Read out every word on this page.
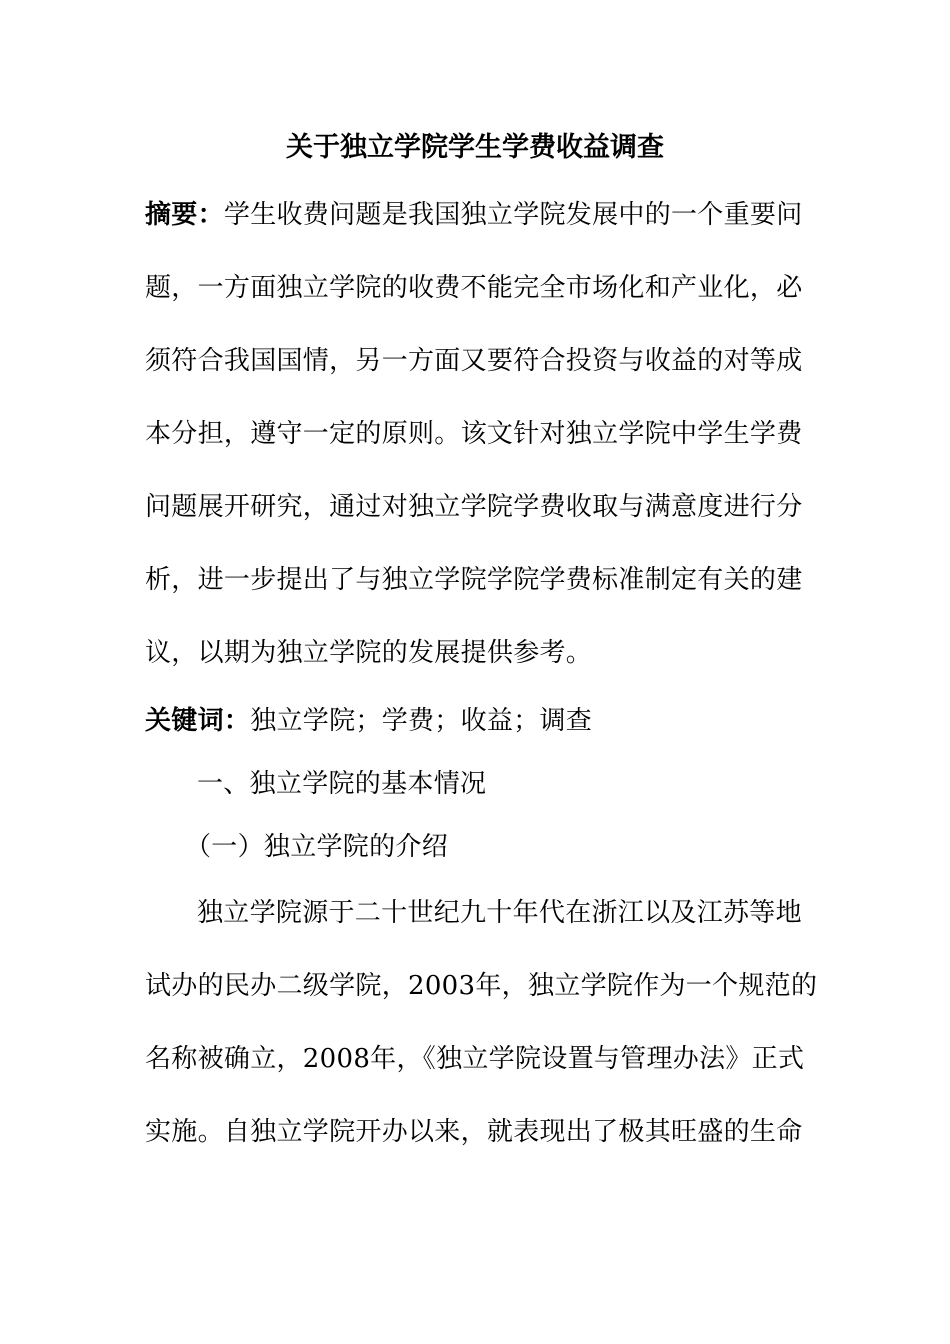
关于独立学院学生学费收益调查
摘要：学生收费问题是我国独立学院发展中的一个重要问
题，一方面独立学院的收费不能完全市场化和产业化，必
须符合我国国情，另一方面又要符合投资与收益的对等成
本分担，遵守一定的原则。该文针对独立学院中学生学费
问题展开研究，通过对独立学院学费收取与满意度进行分
析，进一步提出了与独立学院学院学费标准制定有关的建
议，以期为独立学院的发展提供参考。
关键词：独立学院；学费；收益；调查
一、独立学院的基本情况
（一）独立学院的介绍
独立学院源于二十世纪九十年代在浙江以及江苏等地
试办的民办二级学院，2003年，独立学院作为一个规范的
名称被确立，2008年，《独立学院设置与管理办法》正式
实施。自独立学院开办以来，就表现出了极其旺盛的生命
